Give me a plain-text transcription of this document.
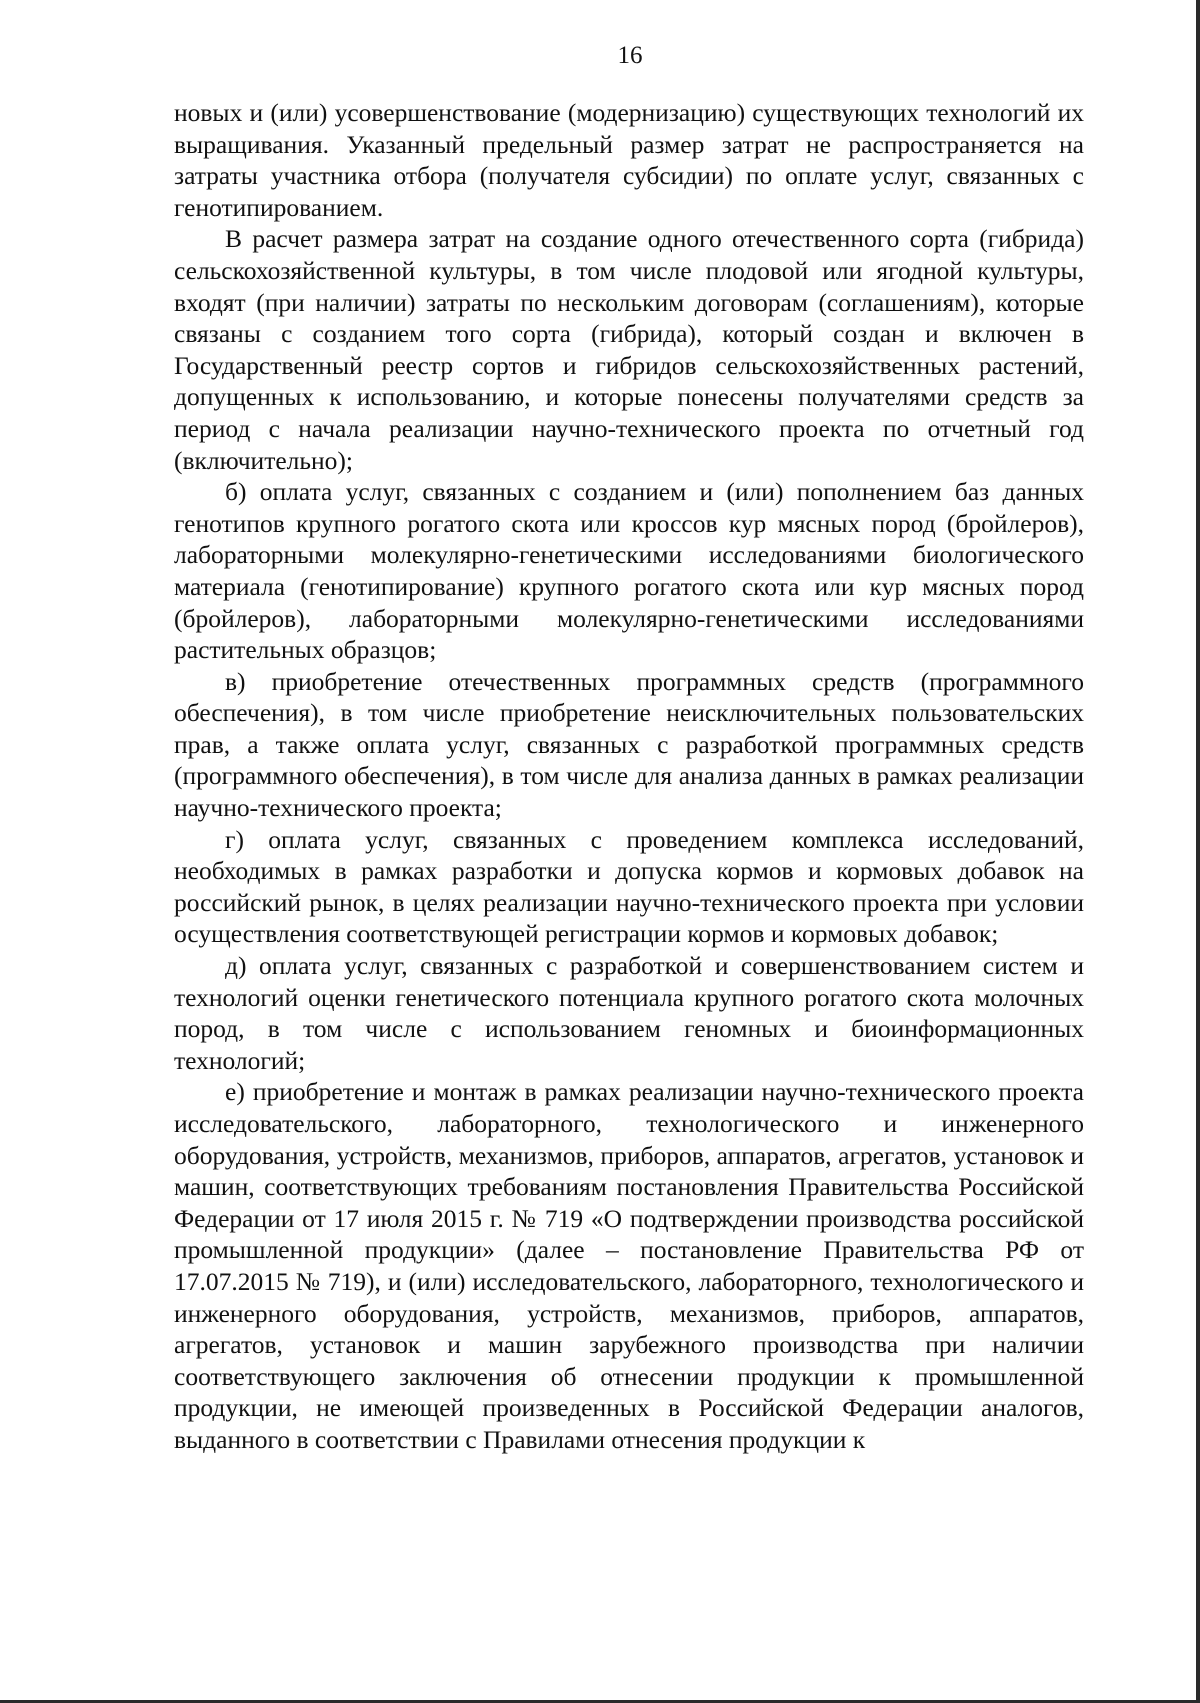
16

новых и (или) усовершенствование (модернизацию) существующих технологий их выращивания. Указанный предельный размер затрат не распространяется на затраты участника отбора (получателя субсидии) по оплате услуг, связанных с генотипированием.

В расчет размера затрат на создание одного отечественного сорта (гибрида) сельскохозяйственной культуры, в том числе плодовой или ягодной культуры, входят (при наличии) затраты по нескольким договорам (соглашениям), которые связаны с созданием того сорта (гибрида), который создан и включен в Государственный реестр сортов и гибридов сельскохозяйственных растений, допущенных к использованию, и которые понесены получателями средств за период с начала реализации научно-технического проекта по отчетный год (включительно);

б) оплата услуг, связанных с созданием и (или) пополнением баз данных генотипов крупного рогатого скота или кроссов кур мясных пород (бройлеров), лабораторными молекулярно-генетическими исследованиями биологического материала (генотипирование) крупного рогатого скота или кур мясных пород (бройлеров), лабораторными молекулярно-генетическими исследованиями растительных образцов;

в) приобретение отечественных программных средств (программного обеспечения), в том числе приобретение неисключительных пользовательских прав, а также оплата услуг, связанных с разработкой программных средств (программного обеспечения), в том числе для анализа данных в рамках реализации научно-технического проекта;

г) оплата услуг, связанных с проведением комплекса исследований, необходимых в рамках разработки и допуска кормов и кормовых добавок на российский рынок, в целях реализации научно-технического проекта при условии осуществления соответствующей регистрации кормов и кормовых добавок;

д) оплата услуг, связанных с разработкой и совершенствованием систем и технологий оценки генетического потенциала крупного рогатого скота молочных пород, в том числе с использованием геномных и биоинформационных технологий;

е) приобретение и монтаж в рамках реализации научно-технического проекта исследовательского, лабораторного, технологического и инженерного оборудования, устройств, механизмов, приборов, аппаратов, агрегатов, установок и машин, соответствующих требованиям постановления Правительства Российской Федерации от 17 июля 2015 г. № 719 «О подтверждении производства российской промышленной продукции» (далее – постановление Правительства РФ от 17.07.2015 № 719), и (или) исследовательского, лабораторного, технологического и инженерного оборудования, устройств, механизмов, приборов, аппаратов, агрегатов, установок и машин зарубежного производства при наличии соответствующего заключения об отнесении продукции к промышленной продукции, не имеющей произведенных в Российской Федерации аналогов, выданного в соответствии с Правилами отнесения продукции к
